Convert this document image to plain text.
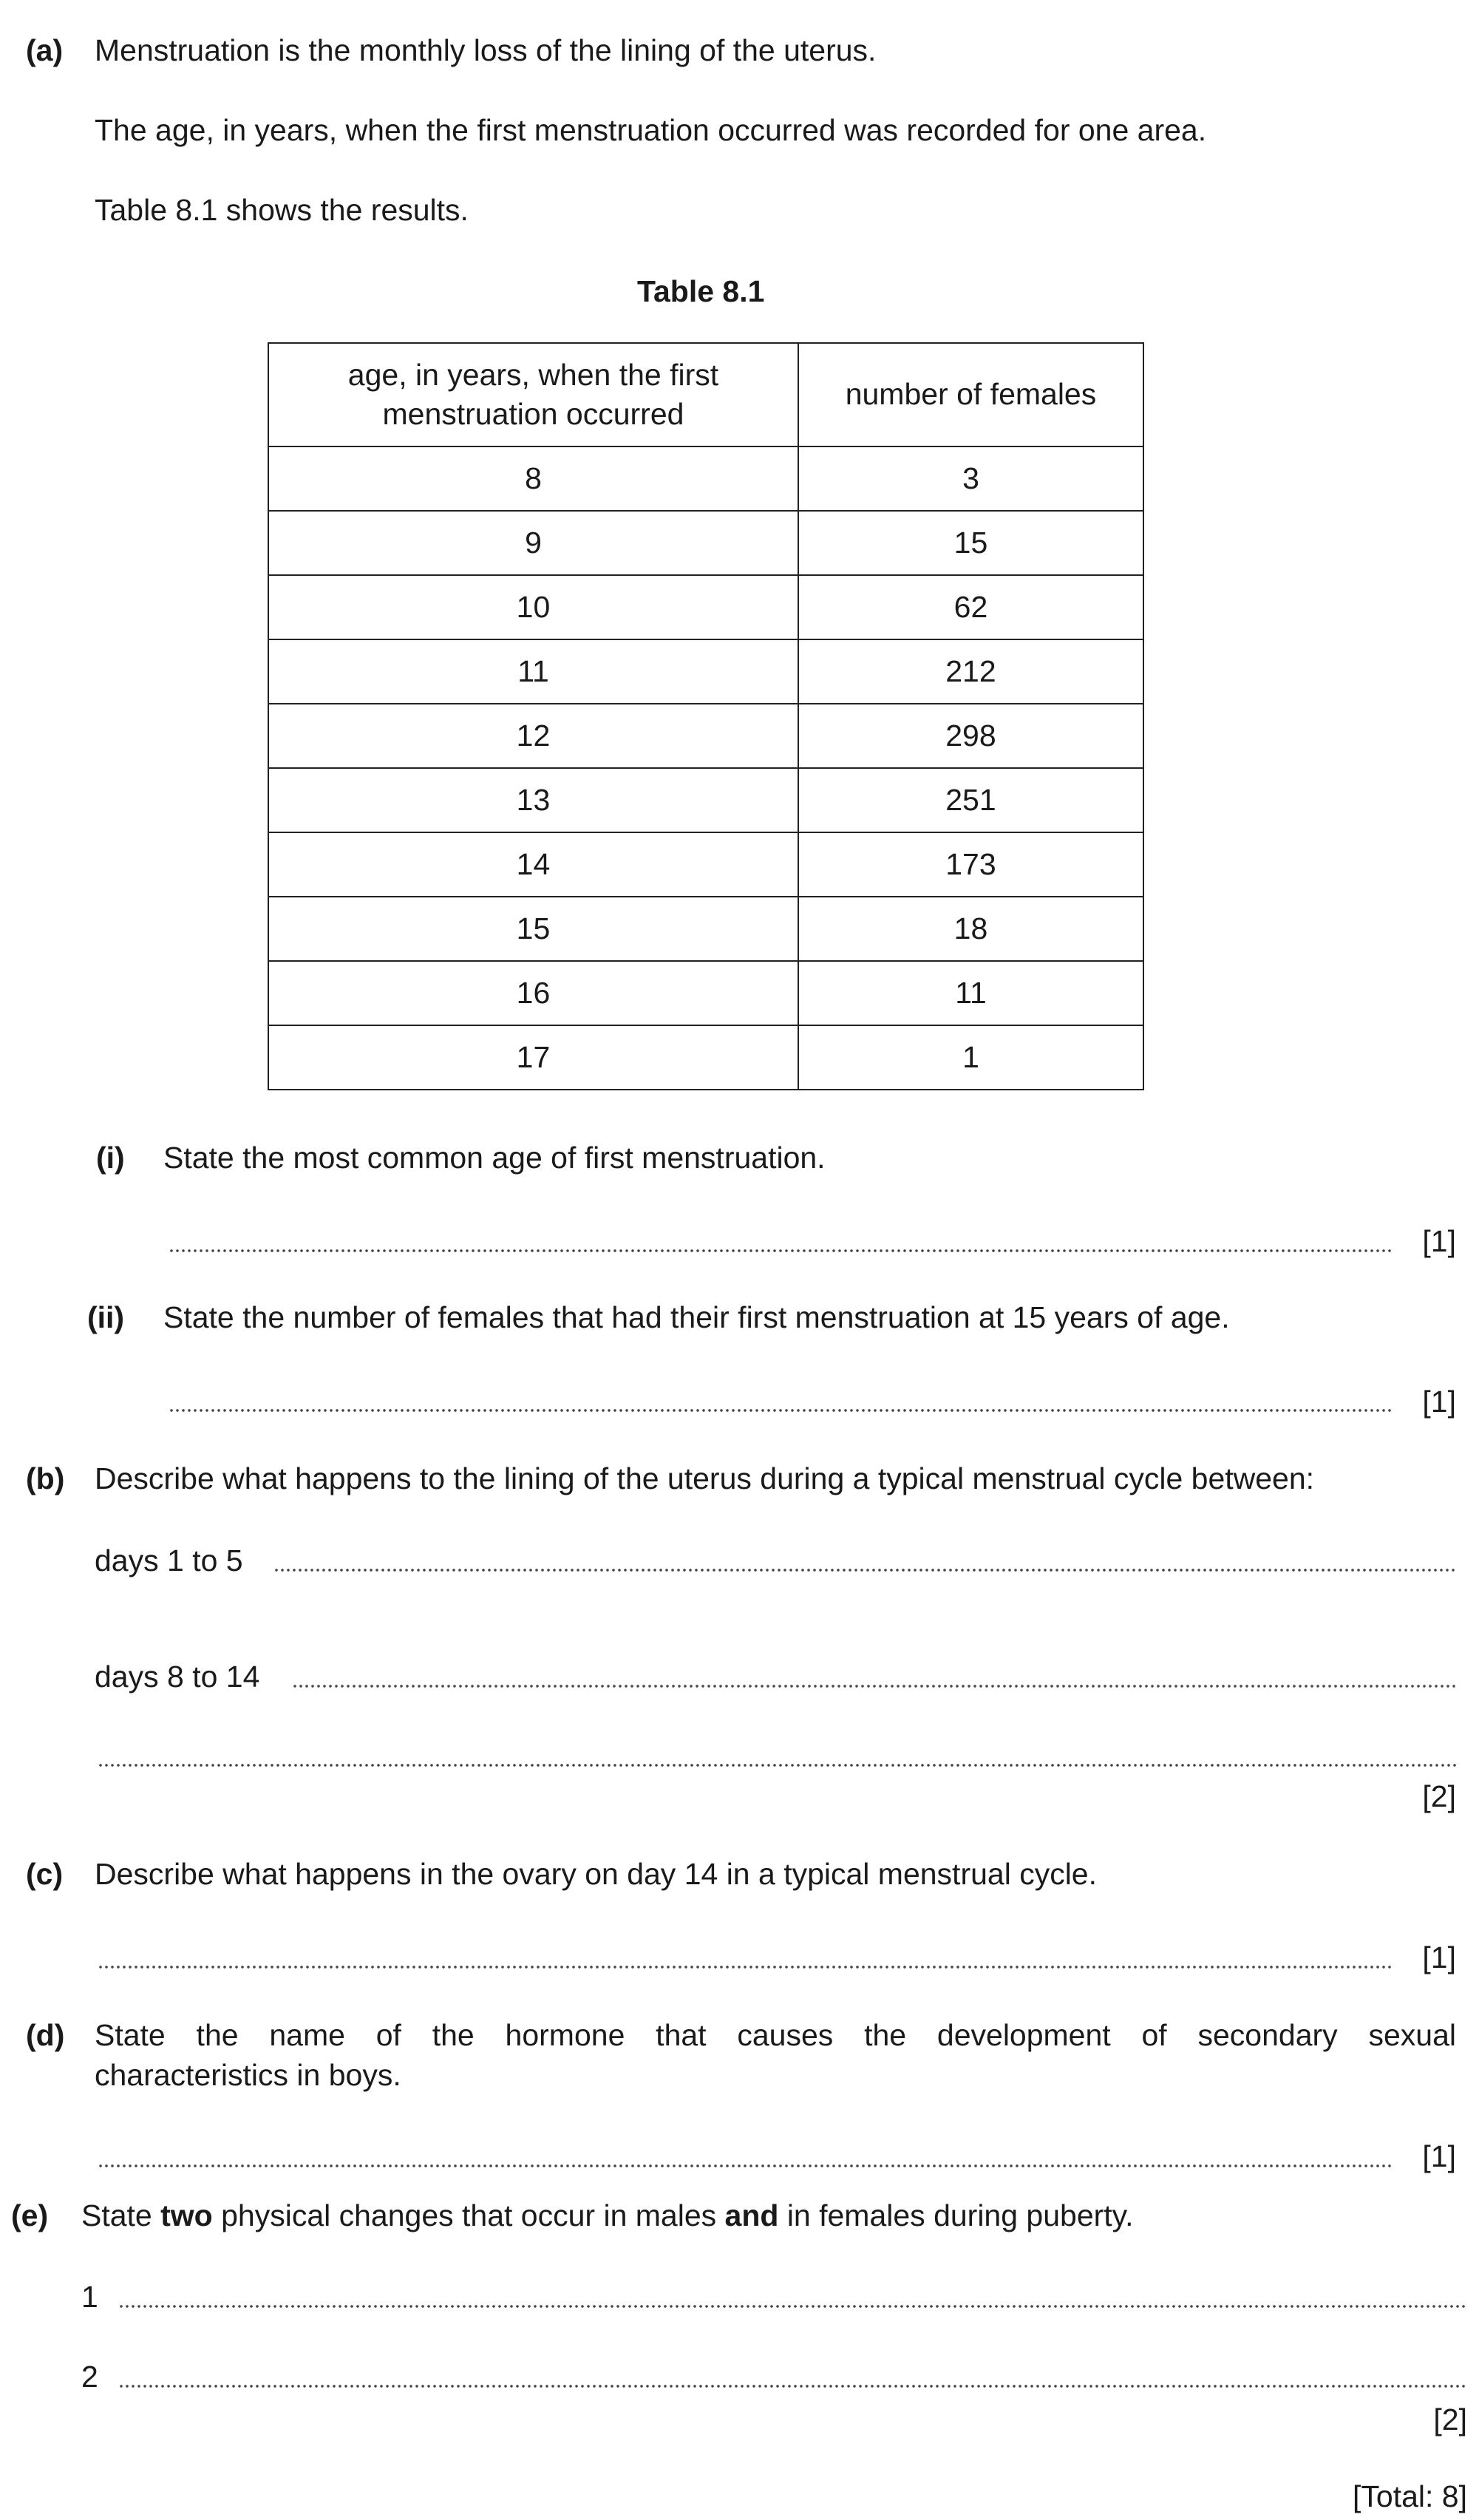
(a) Menstruation is the monthly loss of the lining of the uterus.
The age, in years, when the first menstruation occurred was recorded for one area.
Table 8.1 shows the results.
Table 8.1
age, in years, when the first menstruation occurred	number of females
8	3
9	15
10	62
11	212
12	298
13	251
14	173
15	18
16	11
17	1
(i) State the most common age of first menstruation.
[1]
(ii) State the number of females that had their first menstruation at 15 years of age.
[1]
(b) Describe what happens to the lining of the uterus during a typical menstrual cycle between:
days 1 to 5
days 8 to 14
[2]
(c) Describe what happens in the ovary on day 14 in a typical menstrual cycle.
[1]
(d) State the name of the hormone that causes the development of secondary sexual
characteristics in boys.
[1]
(e) State two physical changes that occur in males and in females during puberty.
1
2
[2]
[Total: 8]
